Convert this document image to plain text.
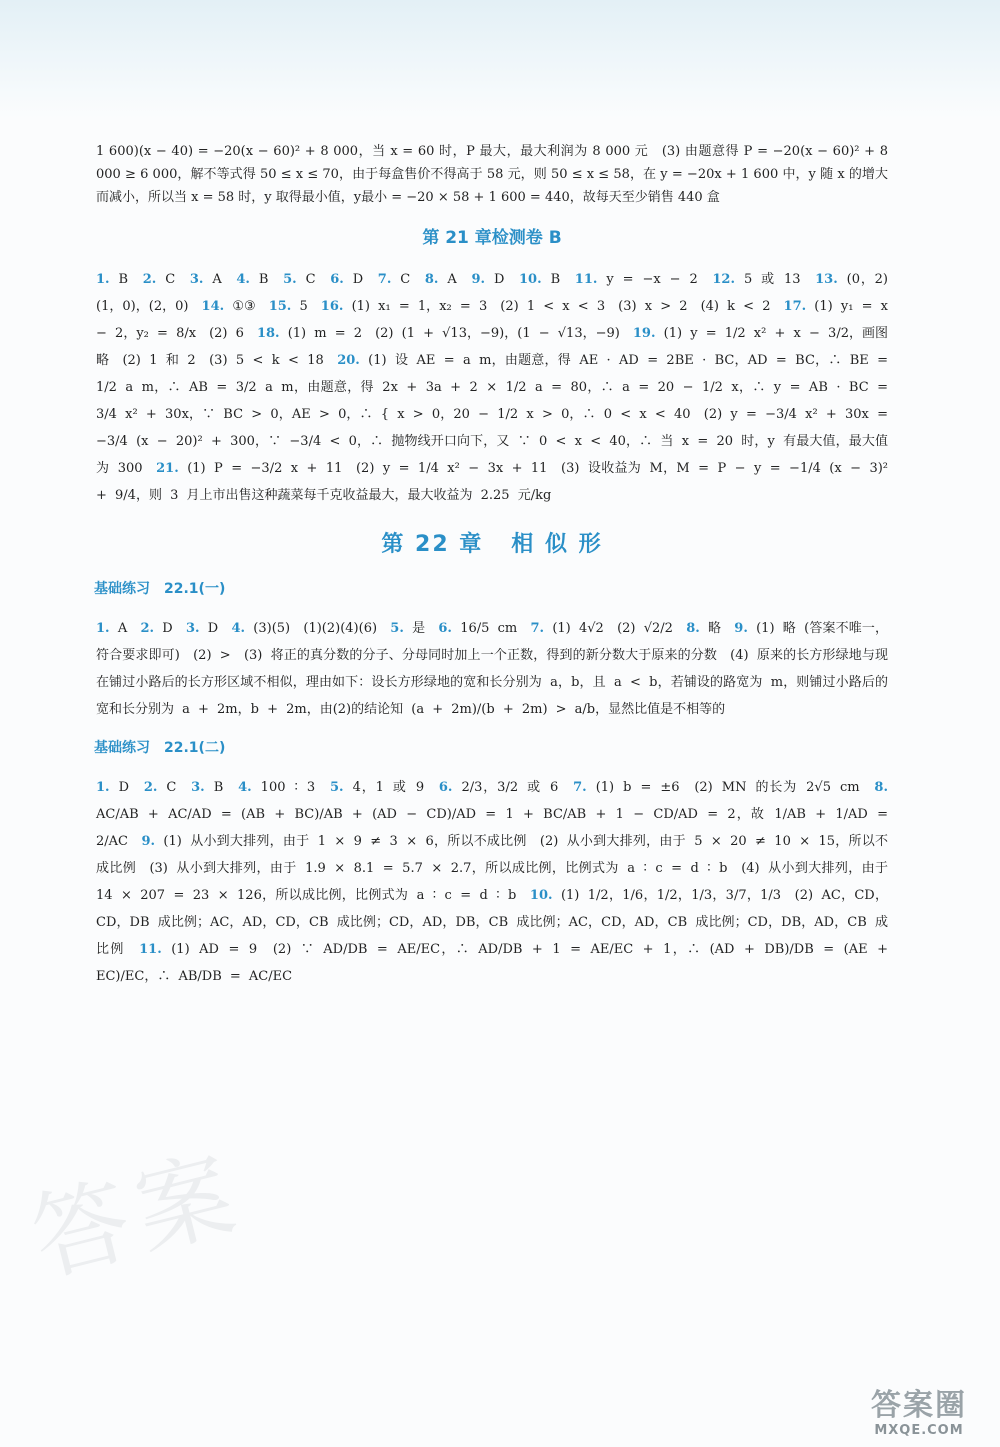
答案

1 600)(x − 40) = −20(x − 60)² + 8 000，当 x = 60 时，P 最大，最大利润为 8 000 元　(3) 由题意得 P = −20(x − 60)² + 8 000 ≥ 6 000，解不等式得 50 ≤ x ≤ 70，由于每盒售价不得高于 58 元，则 50 ≤ x ≤ 58，在 y = −20x + 1 600 中，y 随 x 的增大而减小，所以当 x = 58 时，y 取得最小值，y最小 = −20 × 58 + 1 600 = 440，故每天至少销售 440 盒

第 21 章检测卷 B

1. B　2. C　3. A　4. B　5. C　6. D　7. C　8. A　9. D　10. B　11. y = −x − 2　12. 5 或 13　13. (0，2)　(1，0)，(2，0)　14. ①③　15. 5　16. (1) x₁ = 1，x₂ = 3　(2) 1 < x < 3　(3) x > 2　(4) k < 2　17. (1) y₁ = x − 2，y₂ = 8/x　(2) 6　18. (1) m = 2　(2) (1 + √13，−9)，(1 − √13，−9)　19. (1) y = 1/2 x² + x − 3/2，画图略　(2) 1 和 2　(3) 5 < k < 18　20. (1) 设 AE = a m，由题意，得 AE · AD = 2BE · BC，AD = BC，∴ BE = 1/2 a m，∴ AB = 3/2 a m，由题意，得 2x + 3a + 2 × 1/2 a = 80，∴ a = 20 − 1/2 x，∴ y = AB · BC = 3/4 x² + 30x，∵ BC > 0，AE > 0，∴ { x > 0，20 − 1/2 x > 0，∴ 0 < x < 40　(2) y = −3/4 x² + 30x = −3/4 (x − 20)² + 300，∵ −3/4 < 0，∴ 抛物线开口向下，又 ∵ 0 < x < 40，∴ 当 x = 20 时，y 有最大值，最大值为 300　21. (1) P = −3/2 x + 11　(2) y = 1/4 x² − 3x + 11　(3) 设收益为 M，M = P − y = −1/4 (x − 3)² + 9/4，则 3 月上市出售这种蔬菜每千克收益最大，最大收益为 2.25 元/kg　

第 22 章 相 似 形
基础练习 22.1(一)

1. A　2. D　3. D　4. (3)(5)　(1)(2)(4)(6)　5. 是　6. 16/5 cm　7. (1) 4√2　(2) √2/2　8. 略　9. (1) 略 (答案不唯一，符合要求即可)　(2) >　(3) 将正的真分数的分子、分母同时加上一个正数，得到的新分数大于原来的分数　(4) 原来的长方形绿地与现在铺过小路后的长方形区域不相似，理由如下：设长方形绿地的宽和长分别为 a，b，且 a < b，若铺设的路宽为 m，则铺过小路后的宽和长分别为 a + 2m，b + 2m，由(2)的结论知 (a + 2m)/(b + 2m) > a/b，显然比值是不相等的　

基础练习 22.1(二)

1. D　2. C　3. B　4. 100 ∶ 3　5. 4，1 或 9　6. 2/3，3/2 或 6　7. (1) b = ±6　(2) MN 的长为 2√5 cm　8. AC/AB + AC/AD = (AB + BC)/AB + (AD − CD)/AD = 1 + BC/AB + 1 − CD/AD = 2，故 1/AB + 1/AD = 2/AC　9. (1) 从小到大排列，由于 1 × 9 ≠ 3 × 6，所以不成比例　(2) 从小到大排列，由于 5 × 20 ≠ 10 × 15，所以不成比例　(3) 从小到大排列，由于 1.9 × 8.1 = 5.7 × 2.7，所以成比例，比例式为 a ∶ c = d ∶ b　(4) 从小到大排列，由于 14 × 207 = 23 × 126，所以成比例，比例式为 a ∶ c = d ∶ b　10. (1) 1/2，1/6，1/2，1/3，3/7，1/3　(2) AC，CD，CD，DB 成比例；AC，AD，CD，CB 成比例；CD，AD，DB，CB 成比例；AC，CD，AD，CB 成比例；CD，DB，AD，CB 成比例　11. (1) AD = 9　(2) ∵ AD/DB = AE/EC，∴ AD/DB + 1 = AE/EC + 1，∴ (AD + DB)/DB = (AE + EC)/EC，∴ AB/DB = AC/EC　

答案圈
MXQE.COM
